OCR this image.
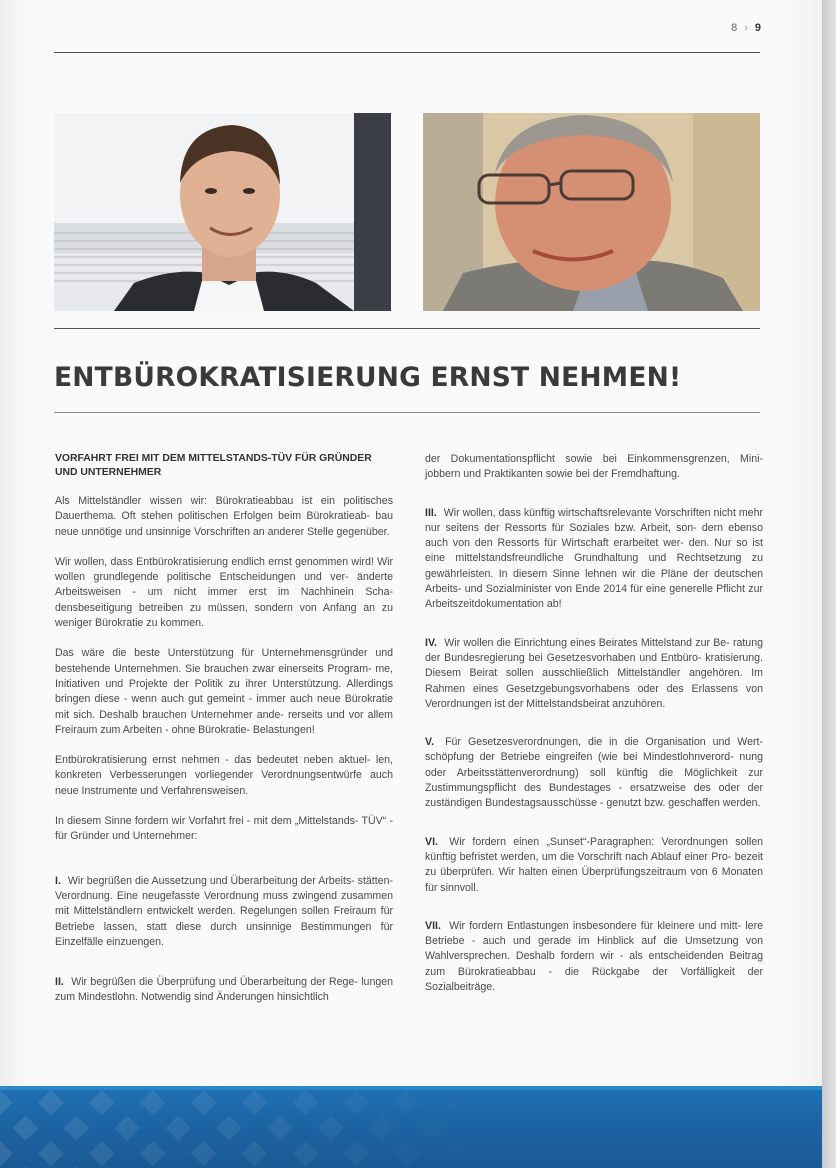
8 › 9
ENTBÜROKRATISIERUNG ERNST NEHMEN!
VORFAHRT FREI MIT DEM MITTELSTANDS-TÜV FÜR GRÜNDER UND UNTERNEHMER

Als Mittelständler wissen wir: Bürokratieabbau ist ein politisches Dauerthema. Oft stehen politischen Erfolgen beim Bürokratieab- bau neue unnötige und unsinnige Vorschriften an anderer Stelle gegenüber.

Wir wollen, dass Entbürokratisierung endlich ernst genommen wird! Wir wollen grundlegende politische Entscheidungen und ver- änderte Arbeitsweisen - um nicht immer erst im Nachhinein Scha- densbeseitigung betreiben zu müssen, sondern von Anfang an zu weniger Bürokratie zu kommen.

Das wäre die beste Unterstützung für Unternehmensgründer und bestehende Unternehmen. Sie brauchen zwar einerseits Program- me, Initiativen und Projekte der Politik zu ihrer Unterstützung. Allerdings bringen diese - wenn auch gut gemeint - immer auch neue Bürokratie mit sich. Deshalb brauchen Unternehmer ande- rerseits und vor allem Freiraum zum Arbeiten - ohne Bürokratie- Belastungen!

Entbürokratisierung ernst nehmen - das bedeutet neben aktuel- len, konkreten Verbesserungen vorliegender Verordnungsentwürfe auch neue Instrumente und Verfahrensweisen.

In diesem Sinne fordern wir Vorfahrt frei - mit dem „Mittelstands- TÜV“ - für Gründer und Unternehmer:

I. Wir begrüßen die Aussetzung und Überarbeitung der Arbeits- stätten-Verordnung. Eine neugefasste Verordnung muss zwingend zusammen mit Mittelständlern entwickelt werden. Regelungen sollen Freiraum für Betriebe lassen, statt diese durch unsinnige Bestimmungen für Einzelfälle einzuengen.

II. Wir begrüßen die Überprüfung und Überarbeitung der Rege- lungen zum Mindestlohn. Notwendig sind Änderungen hinsichtlich

der Dokumentationspflicht sowie bei Einkommensgrenzen, Mini- jobbern und Praktikanten sowie bei der Fremdhaftung.

III. Wir wollen, dass künftig wirtschaftsrelevante Vorschriften nicht mehr nur seitens der Ressorts für Soziales bzw. Arbeit, son- dern ebenso auch von den Ressorts für Wirtschaft erarbeitet wer- den. Nur so ist eine mittelstandsfreundliche Grundhaltung und Rechtsetzung zu gewährleisten. In diesem Sinne lehnen wir die Pläne der deutschen Arbeits- und Sozialminister von Ende 2014 für eine generelle Pflicht zur Arbeitszeitdokumentation ab!

IV. Wir wollen die Einrichtung eines Beirates Mittelstand zur Be- ratung der Bundesregierung bei Gesetzesvorhaben und Entbüro- kratisierung. Diesem Beirat sollen ausschließlich Mittelständler angehören. Im Rahmen eines Gesetzgebungsvorhabens oder des Erlassens von Verordnungen ist der Mittelstandsbeirat anzuhören.

V. Für Gesetzesverordnungen, die in die Organisation und Wert- schöpfung der Betriebe eingreifen (wie bei Mindestlohnverord- nung oder Arbeitsstättenverordnung) soll künftig die Möglichkeit zur Zustimmungspflicht des Bundestages - ersatzweise des oder der zuständigen Bundestagsausschüsse - genutzt bzw. geschaffen werden.

VI. Wir fordern einen „Sunset“-Paragraphen: Verordnungen sollen künftig befristet werden, um die Vorschrift nach Ablauf einer Pro- bezeit zu überprüfen. Wir halten einen Überprüfungszeitraum von 6 Monaten für sinnvoll.

VII. Wir fordern Entlastungen insbesondere für kleinere und mitt- lere Betriebe - auch und gerade im Hinblick auf die Umsetzung von Wahlversprechen. Deshalb fordern wir - als entscheidenden Beitrag zum Bürokratieabbau - die Rückgabe der Vorfälligkeit der Sozialbeiträge.
